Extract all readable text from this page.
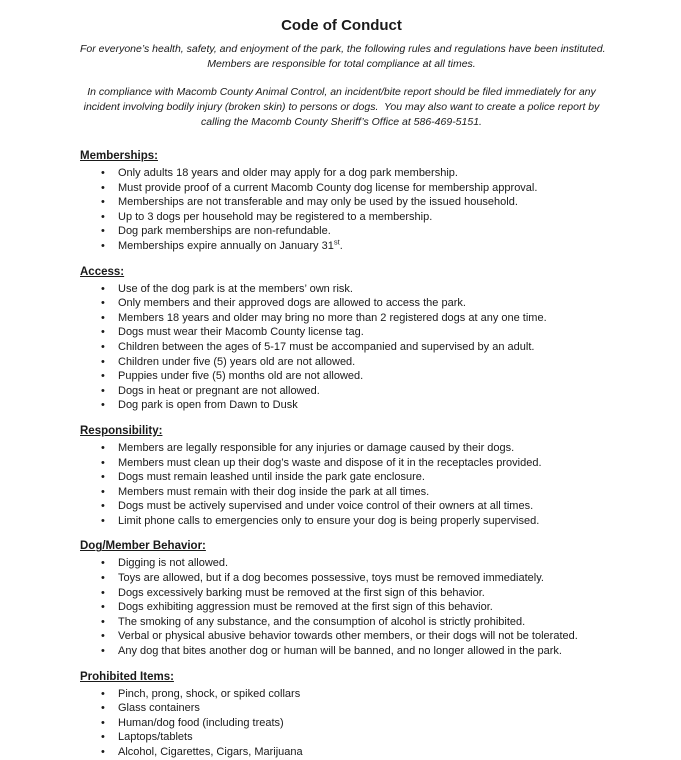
Code of Conduct

For everyone’s health, safety, and enjoyment of the park, the following rules and regulations have been instituted.
Members are responsible for total compliance at all times.

In compliance with Macomb County Animal Control, an incident/bite report should be filed immediately for any
incident involving bodily injury (broken skin) to persons or dogs.  You may also want to create a police report by
calling the Macomb County Sheriff’s Office at 586-469-5151.

Memberships:
• Only adults 18 years and older may apply for a dog park membership.
• Must provide proof of a current Macomb County dog license for membership approval.
• Memberships are not transferable and may only be used by the issued household.
• Up to 3 dogs per household may be registered to a membership.
• Dog park memberships are non-refundable.
• Memberships expire annually on January 31st.
Access:
• Use of the dog park is at the members’ own risk.
• Only members and their approved dogs are allowed to access the park.
• Members 18 years and older may bring no more than 2 registered dogs at any one time.
• Dogs must wear their Macomb County license tag.
• Children between the ages of 5-17 must be accompanied and supervised by an adult.
• Children under five (5) years old are not allowed.
• Puppies under five (5) months old are not allowed.
• Dogs in heat or pregnant are not allowed.
• Dog park is open from Dawn to Dusk
Responsibility:
• Members are legally responsible for any injuries or damage caused by their dogs.
• Members must clean up their dog’s waste and dispose of it in the receptacles provided.
• Dogs must remain leashed until inside the park gate enclosure.
• Members must remain with their dog inside the park at all times.
• Dogs must be actively supervised and under voice control of their owners at all times.
• Limit phone calls to emergencies only to ensure your dog is being properly supervised.
Dog/Member Behavior:
• Digging is not allowed.
• Toys are allowed, but if a dog becomes possessive, toys must be removed immediately.
• Dogs excessively barking must be removed at the first sign of this behavior.
• Dogs exhibiting aggression must be removed at the first sign of this behavior.
• The smoking of any substance, and the consumption of alcohol is strictly prohibited.
• Verbal or physical abusive behavior towards other members, or their dogs will not be tolerated.
• Any dog that bites another dog or human will be banned, and no longer allowed in the park.
Prohibited Items:
• Pinch, prong, shock, or spiked collars
• Glass containers
• Human/dog food (including treats)
• Laptops/tablets
• Alcohol, Cigarettes, Cigars, Marijuana
